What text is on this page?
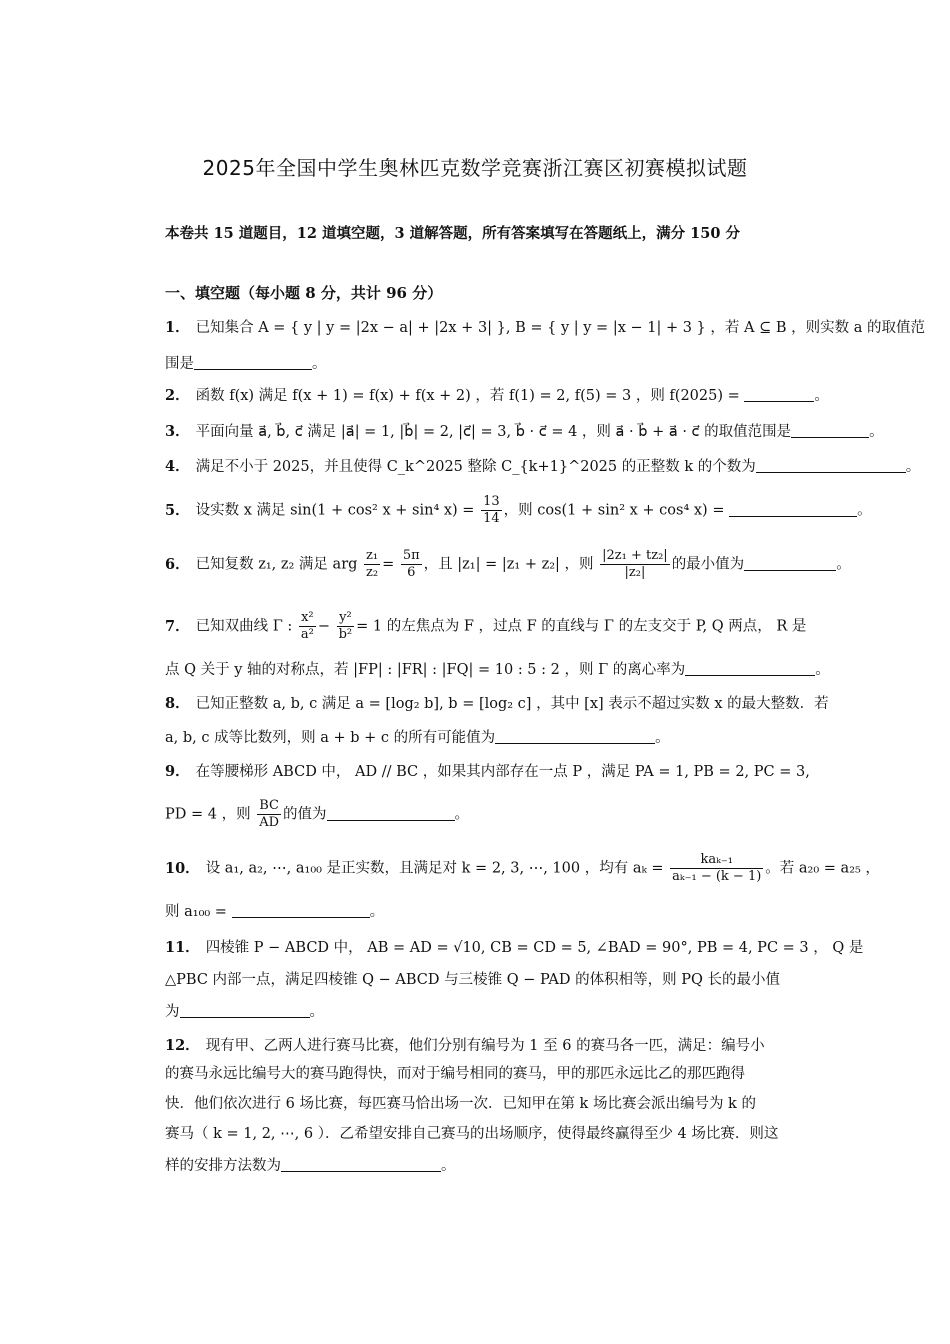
2025年全国中学生奥林匹克数学竞赛浙江赛区初赛模拟试题
本卷共 15 道题目，12 道填空题，3 道解答题，所有答案填写在答题纸上，满分 150 分
一、填空题（每小题 8 分，共计 96 分）
1． 已知集合 A = { y | y = |2x − a| + |2x + 3| }, B = { y | y = |x − 1| + 3 } ，若 A ⊆ B ，则实数 a 的取值范
围是	。
2． 函数 f(x) 满足 f(x + 1) = f(x) + f(x + 2) ，若 f(1) = 2, f(5) = 3 ，则 f(2025) =	。
3． 平面向量 a⃗, b⃗, c⃗ 满足 |a⃗| = 1, |b⃗| = 2, |c⃗| = 3, b⃗ · c⃗ = 4 ，则 a⃗ · b⃗ + a⃗ · c⃗ 的取值范围是	。
4． 满足不小于 2025，并且使得 C_k^2025 整除 C_{k+1}^2025 的正整数 k 的个数为	。
5． 设实数 x 满足 sin(1 + cos² x + sin⁴ $x) = \frac{13}{14}$ ，则 cos(1 + sin² x + cos⁴ x) =	。
6． 已知复数 z₁, z₂ 满足 arg $\frac{\text{z₁}}{\text{z₂}} = \frac{5\pi}{6}$ ，且 |z₁| = |z₁ + z₂| ，则 $\frac{\text{|2z₁ + tz₂|}}{\text{|z₂|}}$ 的最小值为	。
7． 已知双曲线 Γ : $\frac{\text{x²}}{\text{a²}} - \frac{\text{y²}}{\text{b²}} = 1$ 的左焦点为 F ，过点 F 的直线与 Γ 的左支交于 P, Q 两点， R 是
点 Q 关于 y 轴的对称点，若 |FP| : |FR| : |FQ| = 10 : 5 : 2 ，则 Γ 的离心率为	。
8． 已知正整数 a, b, c 满足 a = [log₂ b], b = [log₂ c] ，其中 [x] 表示不超过实数 x 的最大整数．若
a, b, c 成等比数列，则 a + b + c 的所有可能值为	。
9． 在等腰梯形 ABCD 中， AD // BC ，如果其内部存在一点 P ，满足 PA = 1, PB = 2, PC = 3,
PD = 4 ，则 $\frac{BC}{AD}$ 的值为	。
10． 设 a₁, a₂, ⋯, a₁₀₀ 是正实数，且满足对 k = 2, 3, ⋯, 100 ，均有 $a_k = \frac{\text{kaₖ₋₁}}{\text{aₖ₋₁ − (k − 1)}}$ 。若 a₂₀ = a₂₅ ，
则 a₁₀₀ =	。
11． 四棱锥 P − ABCD 中， AB = AD = √10, CB = CD = 5, ∠BAD = 90°, PB = 4, PC = 3 ， Q 是
△PBC 内部一点，满足四棱锥 Q − ABCD 与三棱锥 Q − PAD 的体积相等，则 PQ 长的最小值
为	。
12． 现有甲、乙两人进行赛马比赛，他们分别有编号为 1 至 6 的赛马各一匹，满足：编号小
的赛马永远比编号大的赛马跑得快，而对于编号相同的赛马，甲的那匹永远比乙的那匹跑得
快．他们依次进行 6 场比赛，每匹赛马恰出场一次．已知甲在第 k 场比赛会派出编号为 k 的
赛马（ k = 1, 2, ⋯, 6 ）．乙希望安排自己赛马的出场顺序，使得最终赢得至少 4 场比赛．则这
样的安排方法数为	。
